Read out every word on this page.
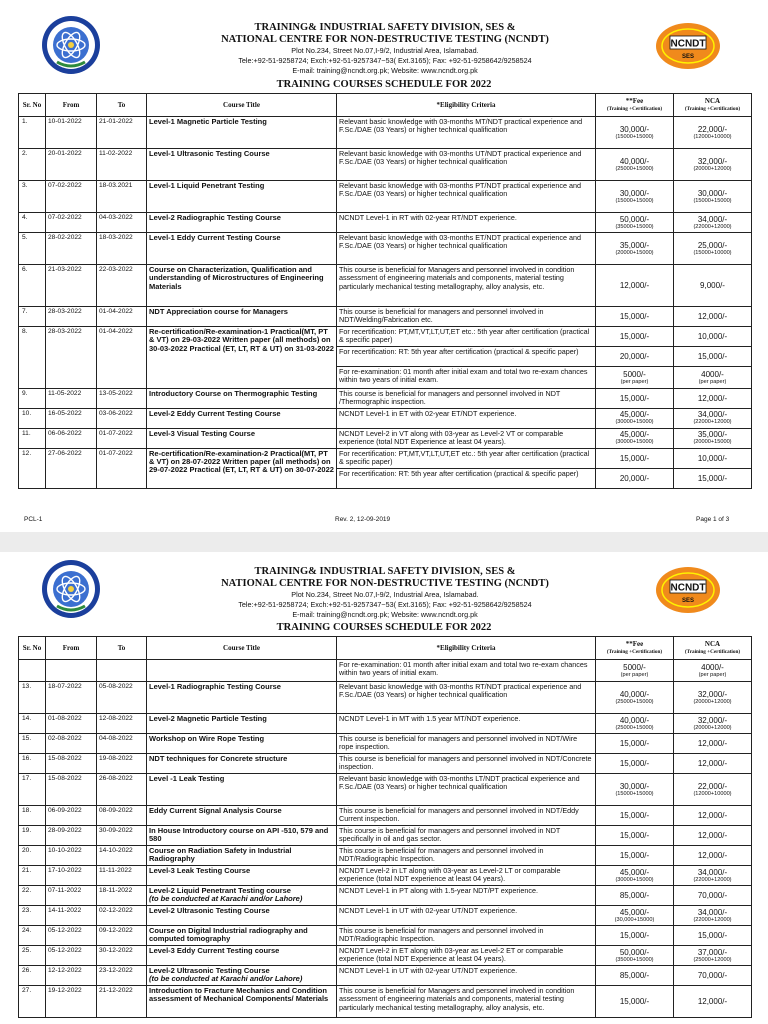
NCNDT
SES
TRAINING& INDUSTRIAL SAFETY DIVISION, SES &
NATIONAL CENTRE FOR NON-DESTRUCTIVE TESTING (NCNDT)
Plot No.234, Street No.07,I-9/2, Industrial Area, Islamabad.
Tele:+92-51-9258724; Exch:+92-51-9257347~53( Ext.3165); Fax: +92-51-9258642/9258524
E-mail: training@ncndt.org.pk; Website: www.ncndt.org.pk
TRAINING COURSES SCHEDULE FOR 2022
Sr. No	From	To	Course Title	*Eligibility Criteria	**Fee
(Training +Certification)	NCA
(Training +Certification)

1.	10-01-2022	21-01-2022	Level-1 Magnetic Particle Testing	Relevant basic knowledge with 03-months MT/NDT practical experience and F.Sc./DAE (03 Years) or higher technical qualification	30,000/-
(15000+15000)	22,000/-
(12000+10000)

2.	20-01-2022	11-02-2022	Level-1 Ultrasonic Testing Course	Relevant basic knowledge with 03-months UT/NDT practical experience and F.Sc./DAE (03 Years) or higher technical qualification	40,000/-
(25000+15000)	32,000/-
(20000+12000)

3.	07-02-2022	18-03.2021	Level-1 Liquid Penetrant Testing	Relevant basic knowledge with 03-months PT/NDT practical experience and F.Sc./DAE (03 Years) or higher technical qualification	30,000/-
(15000+15000)	30,000/-
(15000+15000)

4.	07-02-2022	04-03-2022	Level-2 Radiographic Testing Course	NCNDT Level-1 in RT with 02-year RT/NDT experience.	50,000/-
(35000+15000)	34,000/-
(22000+12000)

5.	28-02-2022	18-03-2022	Level-1 Eddy Current Testing Course	Relevant basic knowledge with 03-months ET/NDT practical experience and F.Sc./DAE (03 Years) or higher technical qualification	35,000/-
(20000+15000)	25,000/-
(15000+10000)

6.	21-03-2022	22-03-2022	Course on Characterization, Qualification and understanding of Microstructures of Engineering Materials	This course is beneficial for Managers and personnel involved in condition assessment of engineering materials and components, material testing particularly mechanical testing metallography, alloy analysis, etc.	12,000/-	9,000/-
7.	28-03-2022	01-04-2022	NDT Appreciation course for Managers	This course is beneficial for managers and personnel involved in NDT/Welding/Fabrication etc.	15,000/-	12,000/-
8.	28-03-2022	01-04-2022	Re-certification/Re-examination-1 Practical(MT, PT & VT) on 29-03-2022 Written paper (all methods) on 30-03-2022 Practical (ET, LT, RT & UT) on 31-03-2022	For recertification: PT,MT,VT,LT,UT,ET etc.: 5th year after certification (practical & specific paper)	15,000/-	10,000/-
				For recertification: RT: 5th year after certification (practical & specific paper)	20,000/-	15,000/-
				For re-examination: 01 month after initial exam and total two re-exam chances within two years of initial exam.	5000/-
(per paper)	4000/-
(per paper)

9.	11-05-2022	13-05-2022	Introductory Course on Thermographic Testing	This course is beneficial for managers and personnel involved in NDT /Thermographic inspection.	15,000/-	12,000/-
10.	16-05-2022	03-06-2022	Level-2 Eddy Current Testing Course	NCNDT Level-1 in ET with 02-year ET/NDT experience.	45,000/-
(30000+15000)	34,000/-
(22000+12000)

11.	06-06-2022	01-07-2022	Level-3 Visual Testing Course	NCNDT Level-2 in VT along with 03-year as Level-2 VT or comparable experience (total NDT Experience at least 04 years).	45,000/-
(30000+15000)	35,000/-
(20000+15000)

12.	27-06-2022	01-07-2022	Re-certification/Re-examination-2 Practical(MT, PT & VT) on 28-07-2022 Written paper (all methods) on 29-07-2022 Practical (ET, LT, RT & UT) on 30-07-2022	For recertification: PT,MT,VT,LT,UT,ET etc.: 5th year after certification (practical & specific paper)	15,000/-	10,000/-
				For recertification: RT: 5th year after certification (practical & specific paper)	20,000/-	15,000/-
PCL-1	Rev. 2, 12-09-2019	Page 1 of 3
NCNDT
SES
TRAINING& INDUSTRIAL SAFETY DIVISION, SES &
NATIONAL CENTRE FOR NON-DESTRUCTIVE TESTING (NCNDT)
Plot No.234, Street No.07,I-9/2, Industrial Area, Islamabad.
Tele:+92-51-9258724; Exch:+92-51-9257347~53( Ext.3165); Fax: +92-51-9258642/9258524
E-mail: training@ncndt.org.pk; Website: www.ncndt.org.pk
TRAINING COURSES SCHEDULE FOR 2022
Sr. No	From	To	Course Title	*Eligibility Criteria	**Fee
(Training +Certification)	NCA
(Training +Certification)

				For re-examination: 01 month after initial exam and total two re-exam chances within two years of initial exam.	5000/-
(per paper)	4000/-
(per paper)

13.	18-07-2022	05-08-2022	Level-1 Radiographic Testing Course	Relevant basic knowledge with 03-months RT/NDT practical experience and F.Sc./DAE (03 Years) or higher technical qualification	40,000/-
(25000+15000)	32,000/-
(20000+12000)

14.	01-08-2022	12-08-2022	Level-2 Magnetic Particle Testing	NCNDT Level-1 in MT with 1.5 year MT/NDT experience.	40,000/-
(25000+15000)	32,000/-
(20000+12000)

15.	02-08-2022	04-08-2022	Workshop on Wire Rope Testing	This course is beneficial for managers and personnel involved in NDT/Wire rope inspection.	15,000/-	12,000/-
16.	15-08-2022	19-08-2022	NDT techniques for Concrete structure	This course is beneficial for managers and personnel involved in NDT/Concrete inspection.	15,000/-	12,000/-
17.	15-08-2022	26-08-2022	Level -1 Leak Testing	Relevant basic knowledge with 03-months LT/NDT practical experience and F.Sc./DAE (03 Years) or higher technical qualification	30,000/-
(15000+15000)	22,000/-
(12000+10000)

18.	06-09-2022	08-09-2022	Eddy Current Signal Analysis Course	This course is beneficial for managers and personnel involved in NDT/Eddy Current inspection.	15,000/-	12,000/-
19.	28-09-2022	30-09-2022	In House Introductory course on API -510, 579 and 580	This course is beneficial for managers and personnel involved in NDT specifically in oil and gas sector.	15,000/-	12,000/-
20.	10-10-2022	14-10-2022	Course on Radiation Safety in Industrial Radiography	This course is beneficial for managers and personnel involved in NDT/Radiographic Inspection.	15,000/-	12,000/-
21.	17-10-2022	11-11-2022	Level-3 Leak Testing Course	NCNDT Level-2 in LT along with 03-year as Level-2 LT or comparable experience (total NDT experience at least 04 years).	45,000/-
(30000+15000)	34,000/-
(22000+12000)

22.	07-11-2022	18-11-2022	Level-2 Liquid Penetrant Testing course
(to be conducted at Karachi and/or Lahore)	NCNDT Level-1 in PT along with 1.5-year NDT/PT experience.	85,000/-	70,000/-
23.	14-11-2022	02-12-2022	Level-2 Ultrasonic Testing Course	NCNDT Level-1 in UT with 02-year UT/NDT experience.	45,000/-
(30,000+15000)	34,000/-
(22000+12000)

24.	05-12-2022	09-12-2022	Course on Digital Industrial radiography and computed tomography	This course is beneficial for managers and personnel involved in NDT/Radiographic Inspection.	15,000/-	15,000/-
25.	05-12-2022	30-12-2022	Level-3 Eddy Current Testing course	NCNDT Level-2 in ET along with 03-year as Level-2 ET or comparable experience (total NDT Experience at least 04 years).	50,000/-
(35000+15000)	37,000/-
(25000+12000)

26.	12-12-2022	23-12-2022	Level-2 Ultrasonic Testing Course
(to be conducted at Karachi and/or Lahore)	NCNDT Level-1 in UT with 02-year UT/NDT experience.	85,000/-	70,000/-
27.	19-12-2022	21-12-2022	Introduction to Fracture Mechanics and Condition assessment of Mechanical Components/ Materials	This course is beneficial for Managers and personnel involved in condition assessment of engineering materials and components, material testing particularly mechanical testing metallography, alloy analysis, etc.	15,000/-	12,000/-
